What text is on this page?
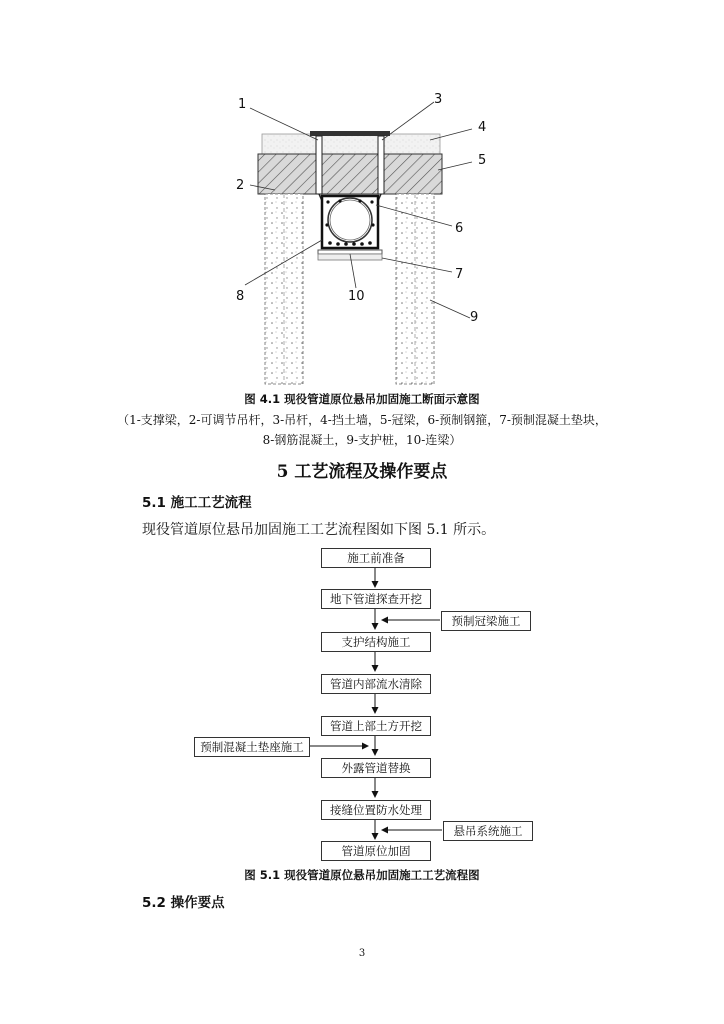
1
2
3
4
5
6
7
8
9
10
图 4.1 现役管道原位悬吊加固施工断面示意图
（1-支撑梁，2-可调节吊杆，3-吊杆，4-挡土墙，5-冠梁，6-预制钢箍，7-预制混凝土垫块，
8-钢筋混凝土，9-支护桩，10-连梁）
5 工艺流程及操作要点
5.1 施工工艺流程
现役管道原位悬吊加固施工工艺流程图如下图 5.1 所示。
施工前准备
地下管道探查开挖
支护结构施工
管道内部流水清除
管道上部土方开挖
外露管道替换
接缝位置防水处理
管道原位加固
预制冠梁施工
预制混凝土垫座施工
悬吊系统施工
图 5.1 现役管道原位悬吊加固施工工艺流程图
5.2 操作要点
3
